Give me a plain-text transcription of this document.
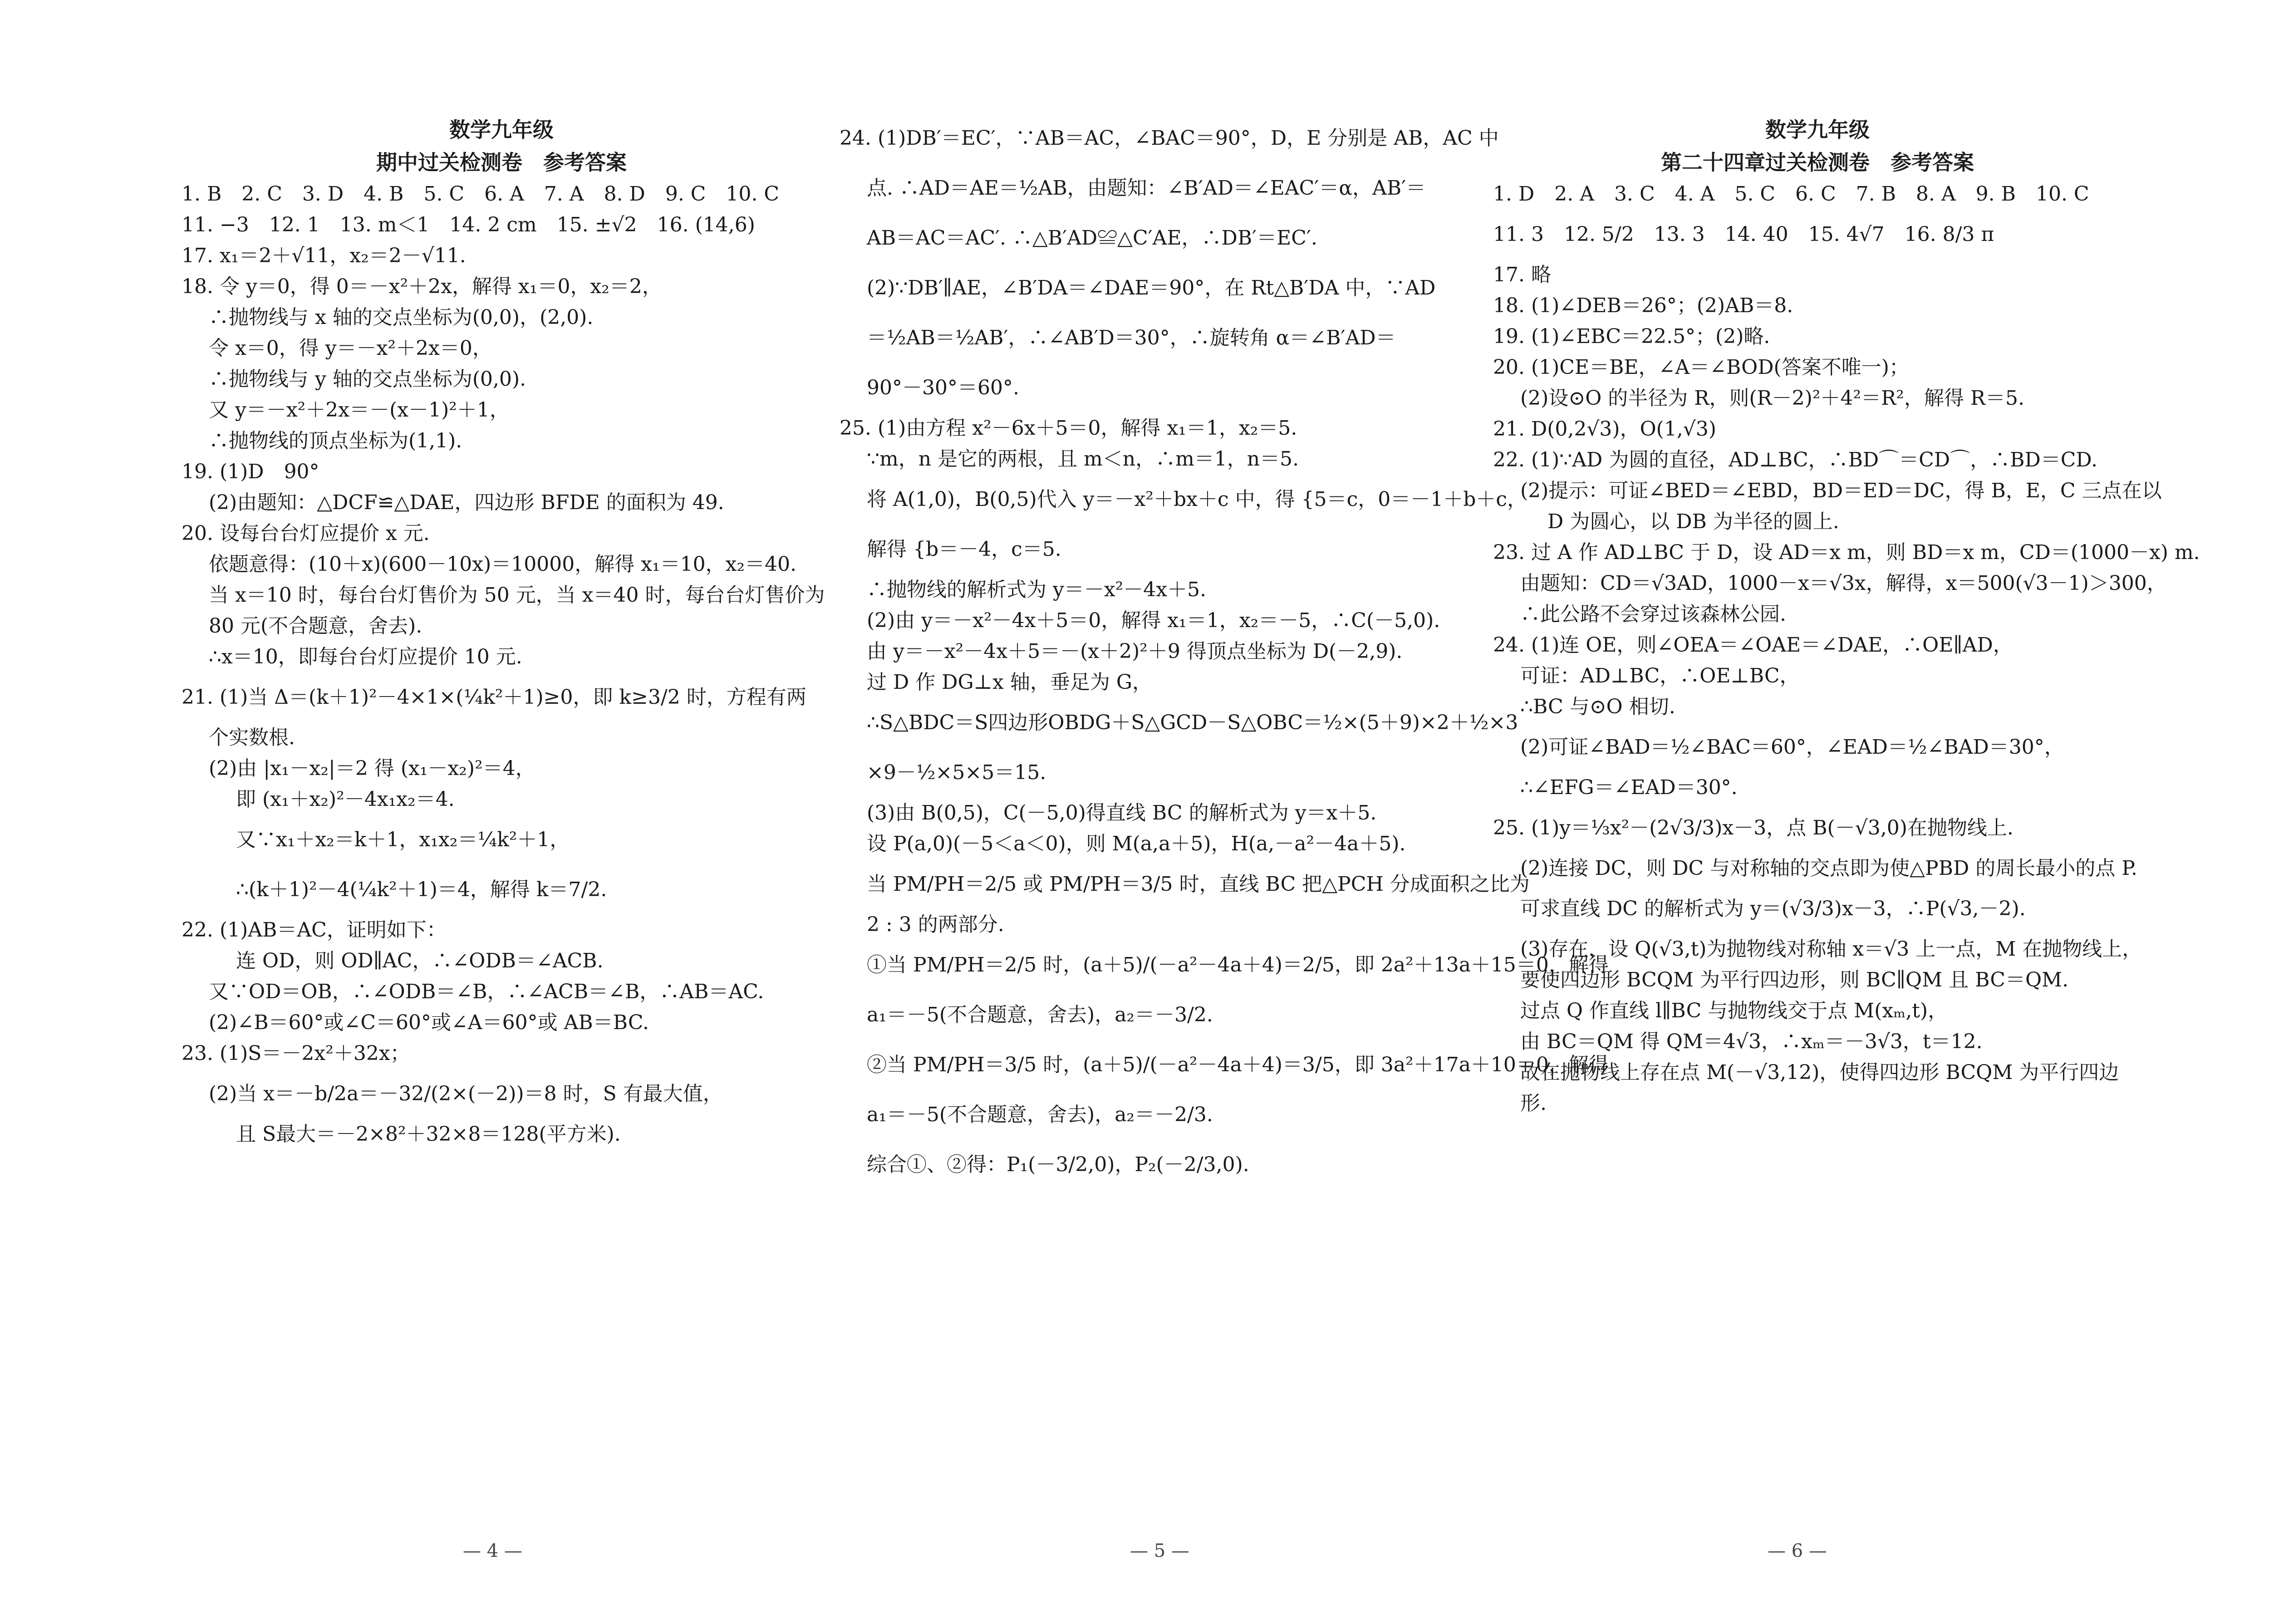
数学九年级
期中过关检测卷　参考答案
1. B　2. C　3. D　4. B　5. C　6. A　7. A　8. D　9. C　10. C
11. −3　12. 1　13. m＜1　14. 2 cm　15. ±√2　16. (14,6)
17. x₁＝2＋√11，x₂＝2－√11.
18. 令 y＝0，得 0＝－x²＋2x，解得 x₁＝0，x₂＝2，
∴抛物线与 x 轴的交点坐标为(0,0)，(2,0).
令 x＝0，得 y＝－x²＋2x＝0，
∴抛物线与 y 轴的交点坐标为(0,0).
又 y＝－x²＋2x＝－(x－1)²＋1，
∴抛物线的顶点坐标为(1,1).
19. (1)D　90°
(2)由题知：△DCF≌△DAE，四边形 BFDE 的面积为 49.
20. 设每台台灯应提价 x 元.
依题意得：(10＋x)(600－10x)＝10000，解得 x₁＝10，x₂＝40.
当 x＝10 时，每台台灯售价为 50 元，当 x＝40 时，每台台灯售价为
80 元(不合题意，舍去).
∴x＝10，即每台台灯应提价 10 元.
21. (1)当 Δ＝(k＋1)²－4×1×(¼k²＋1)≥0，即 k≥3/2 时，方程有两
个实数根.
(2)由 |x₁－x₂|＝2 得 (x₁－x₂)²＝4，
即 (x₁＋x₂)²－4x₁x₂＝4.
又∵x₁＋x₂＝k＋1，x₁x₂＝¼k²＋1，
∴(k＋1)²－4(¼k²＋1)＝4，解得 k＝7/2.
22. (1)AB＝AC，证明如下：
连 OD，则 OD∥AC，∴∠ODB＝∠ACB.
又∵OD＝OB，∴∠ODB＝∠B，∴∠ACB＝∠B，∴AB＝AC.
(2)∠B＝60°或∠C＝60°或∠A＝60°或 AB＝BC.
23. (1)S＝－2x²＋32x；
(2)当 x＝－b/2a＝－32/(2×(－2))＝8 时，S 有最大值，
且 S最大＝－2×8²＋32×8＝128(平方米).
24. (1)DB′＝EC′，∵AB＝AC，∠BAC＝90°，D，E 分别是 AB，AC 中
点. ∴AD＝AE＝½AB，由题知：∠B′AD＝∠EAC′＝α，AB′＝
AB＝AC＝AC′. ∴△B′AD≌△C′AE，∴DB′＝EC′.
(2)∵DB′∥AE，∠B′DA＝∠DAE＝90°，在 Rt△B′DA 中，∵AD
＝½AB＝½AB′，∴∠AB′D＝30°，∴旋转角 α＝∠B′AD＝
90°－30°＝60°.
25. (1)由方程 x²－6x＋5＝0，解得 x₁＝1，x₂＝5.
∵m，n 是它的两根，且 m＜n，∴m＝1，n＝5.
将 A(1,0)，B(0,5)代入 y＝－x²＋bx＋c 中，得 {5＝c，0＝－1＋b＋c，
解得 {b＝－4，c＝5.
∴抛物线的解析式为 y＝－x²－4x＋5.
(2)由 y＝－x²－4x＋5＝0，解得 x₁＝1，x₂＝－5，∴C(－5,0).
由 y＝－x²－4x＋5＝－(x＋2)²＋9 得顶点坐标为 D(－2,9).
过 D 作 DG⊥x 轴，垂足为 G，
∴S△BDC＝S四边形OBDG＋S△GCD－S△OBC＝½×(5＋9)×2＋½×3
×9－½×5×5＝15.
(3)由 B(0,5)，C(－5,0)得直线 BC 的解析式为 y＝x＋5.
设 P(a,0)(－5＜a＜0)，则 M(a,a＋5)，H(a,－a²－4a＋5).
当 PM/PH＝2/5 或 PM/PH＝3/5 时，直线 BC 把△PCH 分成面积之比为
2 : 3 的两部分.
①当 PM/PH＝2/5 时，(a＋5)/(－a²－4a＋4)＝2/5，即 2a²＋13a＋15＝0，解得
a₁＝－5(不合题意，舍去)，a₂＝－3/2.
②当 PM/PH＝3/5 时，(a＋5)/(－a²－4a＋4)＝3/5，即 3a²＋17a＋10＝0，解得
a₁＝－5(不合题意，舍去)，a₂＝－2/3.
综合①、②得：P₁(－3/2,0)，P₂(－2/3,0).
数学九年级
第二十四章过关检测卷　参考答案
1. D　2. A　3. C　4. A　5. C　6. C　7. B　8. A　9. B　10. C
11. 3　12. 5/2　13. 3　14. 40　15. 4√7　16. 8/3 π
17. 略
18. (1)∠DEB＝26°；(2)AB＝8.
19. (1)∠EBC＝22.5°；(2)略.
20. (1)CE＝BE，∠A＝∠BOD(答案不唯一)；
(2)设⊙O 的半径为 R，则(R－2)²＋4²＝R²，解得 R＝5.
21. D(0,2√3)，O(1,√3)
22. (1)∵AD 为圆的直径，AD⊥BC，∴BD⌒＝CD⌒，∴BD＝CD.
(2)提示：可证∠BED＝∠EBD，BD＝ED＝DC，得 B，E，C 三点在以
D 为圆心，以 DB 为半径的圆上.
23. 过 A 作 AD⊥BC 于 D，设 AD＝x m，则 BD＝x m，CD＝(1000－x) m.
由题知：CD＝√3AD，1000－x＝√3x，解得，x＝500(√3－1)＞300，
∴此公路不会穿过该森林公园.
24. (1)连 OE，则∠OEA＝∠OAE＝∠DAE，∴OE∥AD，
可证：AD⊥BC，∴OE⊥BC，
∴BC 与⊙O 相切.
(2)可证∠BAD＝½∠BAC＝60°，∠EAD＝½∠BAD＝30°，
∴∠EFG＝∠EAD＝30°.
25. (1)y＝⅓x²－(2√3/3)x－3，点 B(－√3,0)在抛物线上.
(2)连接 DC，则 DC 与对称轴的交点即为使△PBD 的周长最小的点 P.
可求直线 DC 的解析式为 y＝(√3/3)x－3，∴P(√3,－2).
(3)存在，设 Q(√3,t)为抛物线对称轴 x＝√3 上一点，M 在抛物线上，
要使四边形 BCQM 为平行四边形，则 BC∥QM 且 BC＝QM.
过点 Q 作直线 l∥BC 与抛物线交于点 M(xₘ,t)，
由 BC＝QM 得 QM＝4√3，∴xₘ＝－3√3，t＝12.
故在抛物线上存在点 M(－√3,12)，使得四边形 BCQM 为平行四边
形.
— 4 —	— 5 —	— 6 —
